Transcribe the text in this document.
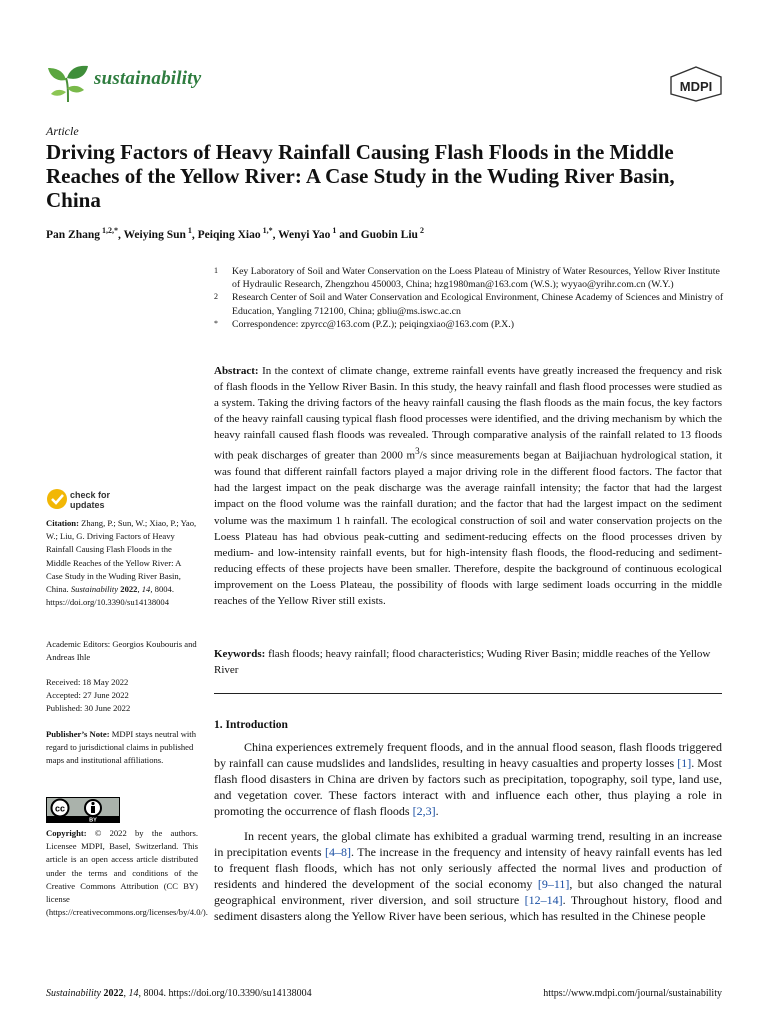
sustainability	MDPI
Article
Driving Factors of Heavy Rainfall Causing Flash Floods in the Middle Reaches of the Yellow River: A Case Study in the Wuding River Basin, China
Pan Zhang $^{1,2,*}$, Weiying Sun $^1$, Peiqing Xiao $^{1,*}$, Wenyi Yao $^1$ and Guobin Liu $^2$
1 Key Laboratory of Soil and Water Conservation on the Loess Plateau of Ministry of Water Resources, Yellow River Institute of Hydraulic Research, Zhengzhou 450003, China; hzg1980man@163.com (W.S.); wyyao@yrihr.com.cn (W.Y.)
2 Research Center of Soil and Water Conservation and Ecological Environment, Chinese Academy of Sciences and Ministry of Education, Yangling 712100, China; gbliu@ms.iswc.ac.cn
* Correspondence: zpyrcc@163.com (P.Z.); peiqingxiao@163.com (P.X.)

Abstract: In the context of climate change, extreme rainfall events have greatly increased the frequency and risk of flash floods in the Yellow River Basin. In this study, the heavy rainfall and flash flood processes were studied as a system. Taking the driving factors of the heavy rainfall causing the flash floods as the main focus, the key factors of the heavy rainfall causing typical flash flood processes were identified, and the driving mechanism by which the heavy rainfall caused flash floods was revealed. Through comparative analysis of the rainfall related to 13 floods with peak discharges of greater than 2000 $m^3/s$ since measurements began at Baijiachuan hydrological station, it was found that different rainfall factors played a major driving role in the different flood factors. The factor that had the largest impact on the peak discharge was the average rainfall intensity; the factor that had the largest impact on the flood volume was the rainfall duration; and the factor that had the largest impact on the sediment volume was the maximum 1 h rainfall. The ecological construction of soil and water conservation projects on the Loess Plateau has had obvious peak-cutting and sediment-reducing effects on the flood processes driven by medium- and low-intensity rainfall events, but for high-intensity flash floods, the flood-reducing and sediment-reducing effects of these projects have been smaller. Therefore, despite the background of continuous ecological improvement on the Loess Plateau, the possibility of floods with large sediment loads occurring in the middle reaches of the Yellow River still exists.

Keywords: flash floods; heavy rainfall; flood characteristics; Wuding River Basin; middle reaches of the Yellow River

1. Introduction

China experiences extremely frequent floods, and in the annual flood season, flash floods triggered by rainfall can cause mudslides and landslides, resulting in heavy casualties and property losses [1]. Most flash flood disasters in China are driven by factors such as precipitation, topography, soil type, land use, and vegetation cover. These factors interact with and influence each other, thus playing a role in promoting the occurrence of flash floods [2,3].

In recent years, the global climate has exhibited a gradual warming trend, resulting in an increase in precipitation events [4–8]. The increase in the frequency and intensity of heavy rainfall events has led to frequent flash floods, which has not only seriously affected the normal lives and production of residents and hindered the development of the social economy [9–11], but also changed the natural geographical environment, river diversion, and soil structure [12–14]. Throughout history, flood and sediment disasters along the Yellow River have been serious, which has resulted in the Chinese people

check for
updates
Citation: Zhang, P.; Sun, W.; Xiao, P.; Yao, W.; Liu, G. Driving Factors of Heavy Rainfall Causing Flash Floods in the Middle Reaches of the Yellow River: A Case Study in the Wuding River Basin, China. Sustainability 2022, 14, 8004. https://doi.org/10.3390/su14138004
Academic Editors: Georgios Koubouris and Andreas Ihle
Received: 18 May 2022
Accepted: 27 June 2022
Published: 30 June 2022
Publisher’s Note: MDPI stays neutral with regard to jurisdictional claims in published maps and institutional affiliations.
cc
BY
Copyright: © 2022 by the authors. Licensee MDPI, Basel, Switzerland. This article is an open access article distributed under the terms and conditions of the Creative Commons Attribution (CC BY) license (https://creativecommons.org/licenses/by/4.0/).
Sustainability 2022, 14, 8004. https://doi.org/10.3390/su14138004	https://www.mdpi.com/journal/sustainability
